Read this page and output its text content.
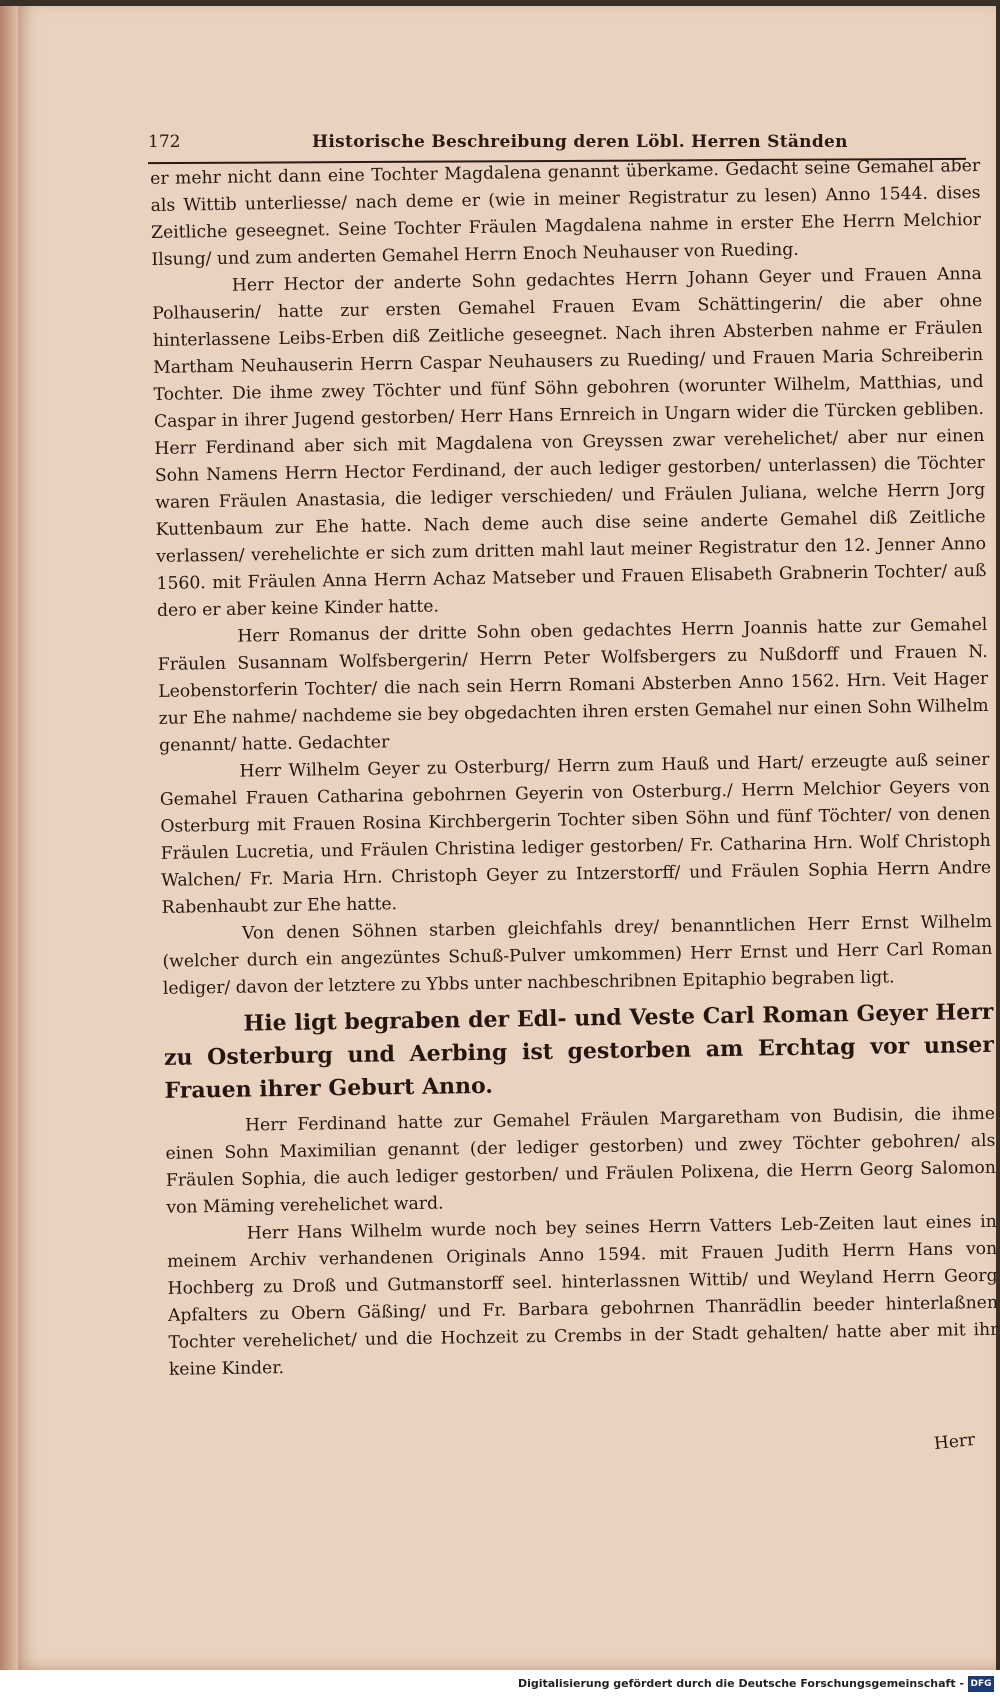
172	Historische Beschreibung deren Löbl. Herren Ständen

er mehr nicht dann eine Tochter Magdalena genannt überkame. Gedacht seine Gemahel aber als Wittib unterliesse/ nach deme er (wie in meiner Registratur zu lesen) Anno 1544. dises Zeitliche geseegnet. Seine Tochter Fräulen Magdalena nahme in erster Ehe Herrn Melchior Ilsung/ und zum anderten Gemahel Herrn Enoch Neuhauser von Rueding.

Herr Hector der anderte Sohn gedachtes Herrn Johann Geyer und Frauen Anna Polhauserin/ hatte zur ersten Gemahel Frauen Evam Schättingerin/ die aber ohne hinterlassene Leibs-Erben diß Zeitliche geseegnet. Nach ihren Absterben nahme er Fräulen Martham Neuhauserin Herrn Caspar Neuhausers zu Rueding/ und Frauen Maria Schreiberin Tochter. Die ihme zwey Töchter und fünf Söhn gebohren (worunter Wilhelm, Matthias, und Caspar in ihrer Jugend gestorben/ Herr Hans Ernreich in Ungarn wider die Türcken gebliben. Herr Ferdinand aber sich mit Magdalena von Greyssen zwar verehelichet/ aber nur einen Sohn Namens Herrn Hector Ferdinand, der auch lediger gestorben/ unterlassen) die Töchter waren Fräulen Anastasia, die lediger verschieden/ und Fräulen Juliana, welche Herrn Jorg Kuttenbaum zur Ehe hatte. Nach deme auch dise seine anderte Gemahel diß Zeitliche verlassen/ verehelichte er sich zum dritten mahl laut meiner Registratur den 12. Jenner Anno 1560. mit Fräulen Anna Herrn Achaz Matseber und Frauen Elisabeth Grabnerin Tochter/ auß dero er aber keine Kinder hatte.

Herr Romanus der dritte Sohn oben gedachtes Herrn Joannis hatte zur Gemahel Fräulen Susannam Wolfsbergerin/ Herrn Peter Wolfsbergers zu Nußdorff und Frauen N. Leobenstorferin Tochter/ die nach sein Herrn Romani Absterben Anno 1562. Hrn. Veit Hager zur Ehe nahme/ nachdeme sie bey obgedachten ihren ersten Gemahel nur einen Sohn Wilhelm genannt/ hatte. Gedachter

Herr Wilhelm Geyer zu Osterburg/ Herrn zum Hauß und Hart/ erzeugte auß seiner Gemahel Frauen Catharina gebohrnen Geyerin von Osterburg./ Herrn Melchior Geyers von Osterburg mit Frauen Rosina Kirchbergerin Tochter siben Söhn und fünf Töchter/ von denen Fräulen Lucretia, und Fräulen Christina lediger gestorben/ Fr. Catharina Hrn. Wolf Christoph Walchen/ Fr. Maria Hrn. Christoph Geyer zu Intzerstorff/ und Fräulen Sophia Herrn Andre Rabenhaubt zur Ehe hatte.

Von denen Söhnen starben gleichfahls drey/ benanntlichen Herr Ernst Wilhelm (welcher durch ein angezüntes Schuß-Pulver umkommen) Herr Ernst und Herr Carl Roman lediger/ davon der letztere zu Ybbs unter nachbeschribnen Epitaphio begraben ligt.

Hie ligt begraben der Edl- und Veste Carl Roman Geyer Herr zu Osterburg und Aerbing ist gestorben am Erchtag vor unser Frauen ihrer Geburt Anno.

Herr Ferdinand hatte zur Gemahel Fräulen Margaretham von Budisin, die ihme einen Sohn Maximilian genannt (der lediger gestorben) und zwey Töchter gebohren/ als Fräulen Sophia, die auch lediger gestorben/ und Fräulen Polixena, die Herrn Georg Salomon von Mäming verehelichet ward.

Herr Hans Wilhelm wurde noch bey seines Herrn Vatters Leb-Zeiten laut eines in meinem Archiv verhandenen Originals Anno 1594. mit Frauen Judith Herrn Hans von Hochberg zu Droß und Gutmanstorff seel. hinterlassnen Wittib/ und Weyland Herrn Georg Apfalters zu Obern Gäßing/ und Fr. Barbara gebohrnen Thanrädlin beeder hinterlaßnen Tochter verehelichet/ und die Hochzeit zu Crembs in der Stadt gehalten/ hatte aber mit ihr keine Kinder.

Herr
Digitalisierung gefördert durch die Deutsche Forschungsgemeinschaft - DFG
